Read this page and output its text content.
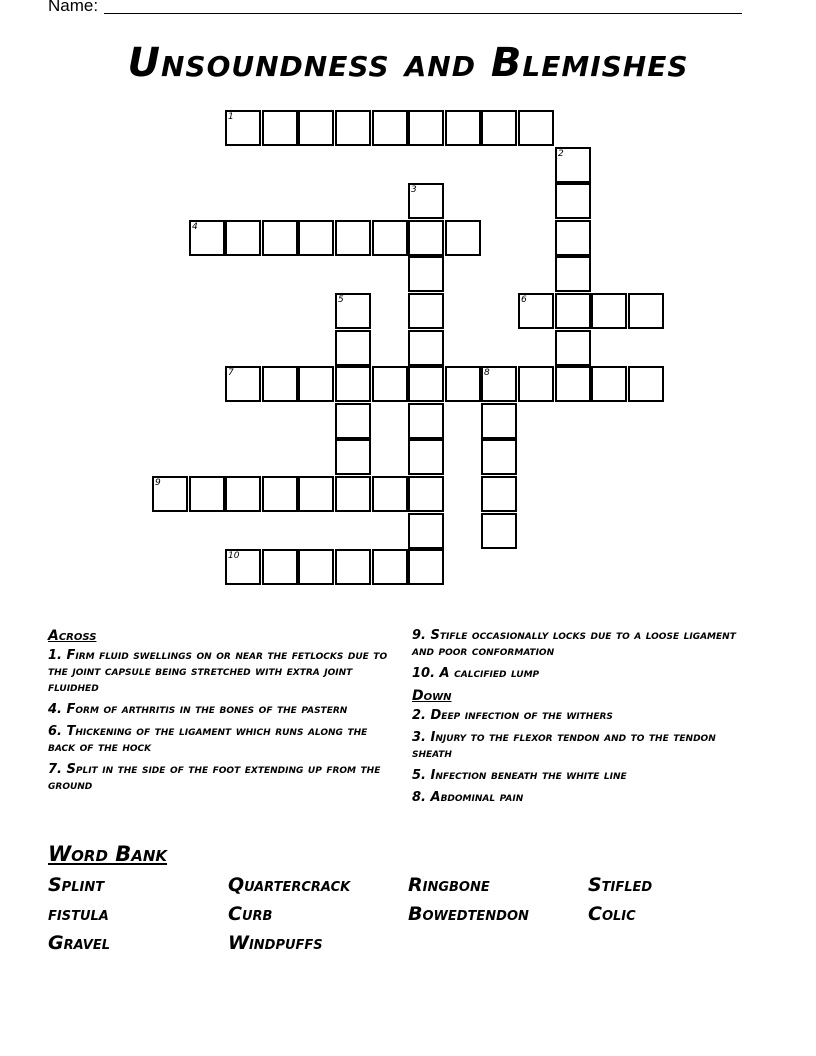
Name:
Unsoundness and Blemishes
1
2
3
4
5	6
7	8
9
10
Across
1. Firm fluid swellings on or near the fetlocks due to the joint capsule being stretched with extra joint fluidhed
4. Form of arthritis in the bones of the pastern
6. Thickening of the ligament which runs along the back of the hock
7. Split in the side of the foot extending up from the ground
9. Stifle occasionally locks due to a loose ligament and poor conformation
10. A calcified lump
Down
2. Deep infection of the withers
3. Injury to the flexor tendon and to the tendon sheath
5. Infection beneath the white line
8. Abdominal pain
Word Bank
Splint	Quartercrack	Ringbone	Stifled
fistula	Curb	Bowedtendon	Colic
Gravel	Windpuffs
